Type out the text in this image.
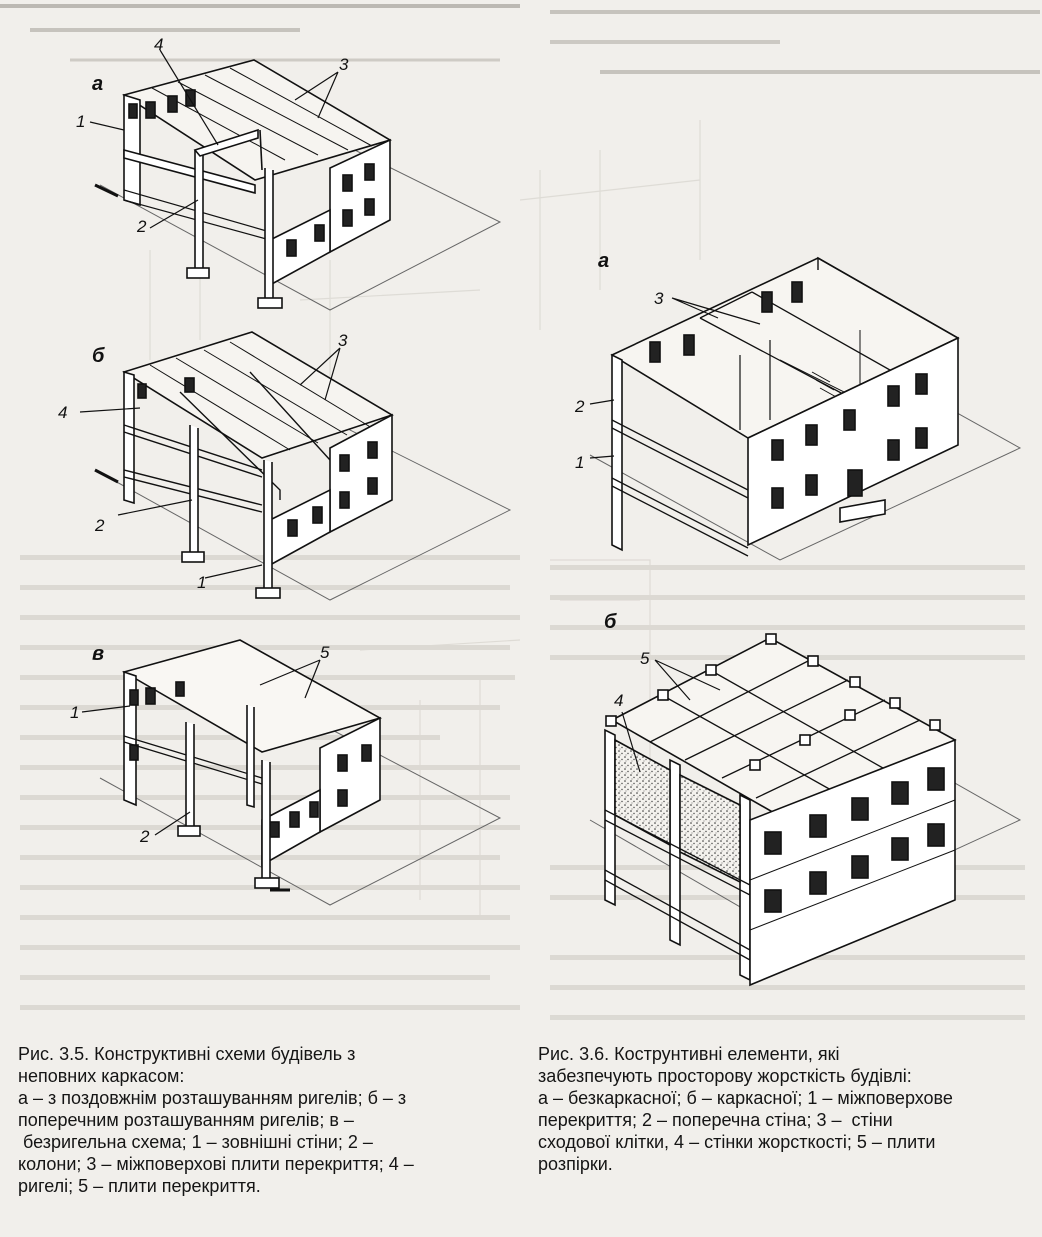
а
1
2
3
4
б
1
2
3
4
в
1
2
5
а
1
2
3
б
4
5
Рис. 3.5. Конструктивні схеми будівель з
неповних каркасом:
а – з поздовжнім розташуванням ригелів; б – з
поперечним розташуванням ригелів; в –
безригельна схема; 1 – зовнішні стіни; 2 –
колони; 3 – міжповерхові плити перекриття; 4 –
ригелі; 5 – плити перекриття.
Рис. 3.6. Кострунтивні елементи, які
забезпечують просторову жорсткість будівлі:
а – безкаркасної; б – каркасної; 1 – міжповерхове
перекриття; 2 – поперечна стіна; 3 –  стіни
сходової клітки, 4 – стінки жорсткості; 5 – плити
розпірки.
